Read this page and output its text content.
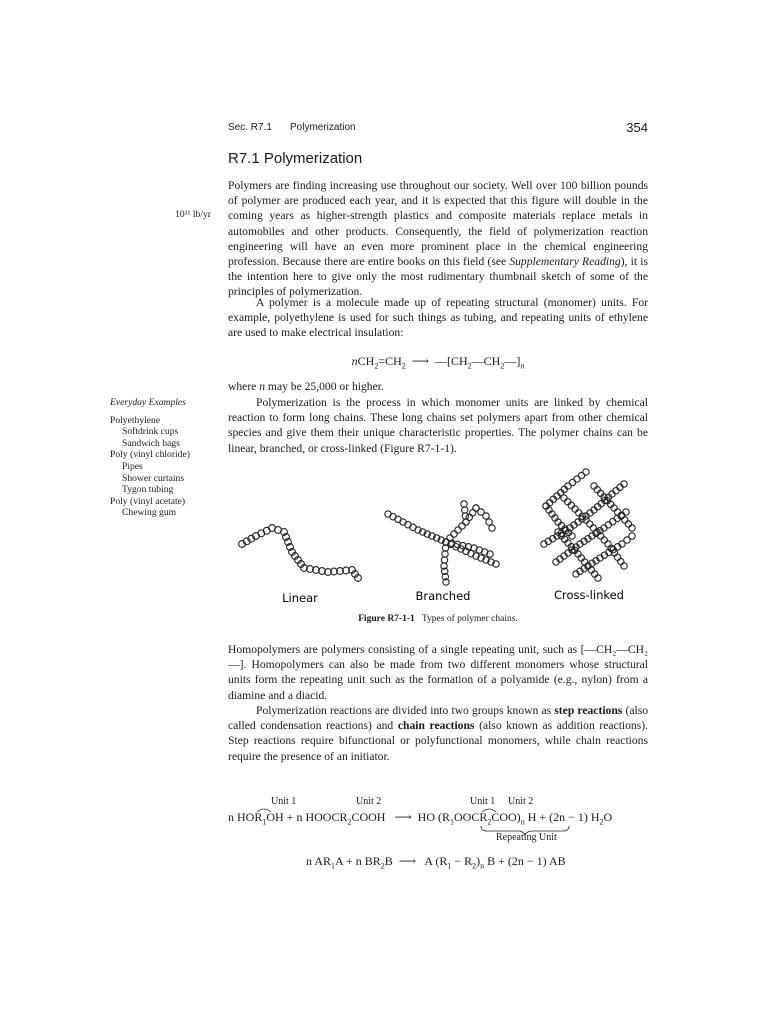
Sec. R7.1 Polymerization	354
R7.1 Polymerization
10¹¹ lb/yr
Everyday Examples
Polyethylene
Softdrink cups
Sandwich bags
Poly (vinyl chloride)
Pipes
Shower curtains
Tygon tubing
Poly (vinyl acetate)
Chewing gum
Polymers are finding increasing use throughout our society. Well over 100 billion pounds of polymer are produced each year, and it is expected that this figure will double in the coming years as higher-strength plastics and composite materials replace metals in automobiles and other products. Consequently, the field of polymerization reaction engineering will have an even more prominent place in the chemical engineering profession. Because there are entire books on this field (see Supplementary Reading), it is the intention here to give only the most rudimentary thumbnail sketch of some of the principles of polymerization.
A polymer is a molecule made up of repeating structural (monomer) units. For example, polyethylene is used for such things as tubing, and repeating units of ethylene are used to make electrical insulation:
$nCH_2=CH_2$  ⟶  $—[CH_2—CH_2—]_n$
where n may be 25,000 or higher.
Polymerization is the process in which monomer units are linked by chemical reaction to form long chains. These long chains set polymers apart from other chemical species and give them their unique characteristic properties. The polymer chains can be linear, branched, or cross-linked (Figure R7-1-1).
Linear	Branched	Cross-linked
Figure R7-1-1 Types of polymer chains.
Homopolymers are polymers consisting of a single repeating unit, such as [—CH₂—CH₂—]. Homopolymers can also be made from two different monomers whose structural units form the repeating unit such as the formation of a polyamide (e.g., nylon) from a diamine and a diacid.
Polymerization reactions are divided into two groups known as step reactions (also called condensation reactions) and chain reactions (also known as addition reactions). Step reactions require bifunctional or polyfunctional monomers, while chain reactions require the presence of an initiator.
Unit 1	Unit 2	Unit 1 Unit 2
n $HOR_1OH + n$ $HOOCR_2COOH$   ⟶  HO $(R_1OOCR_2COO)_n$ H + (2n − 1) $H_2O$
Repeating Unit
n $AR_1A + n$ $BR_2B$  ⟶   A $(R_1 - R_2)_n$ B + (2n − 1) AB
